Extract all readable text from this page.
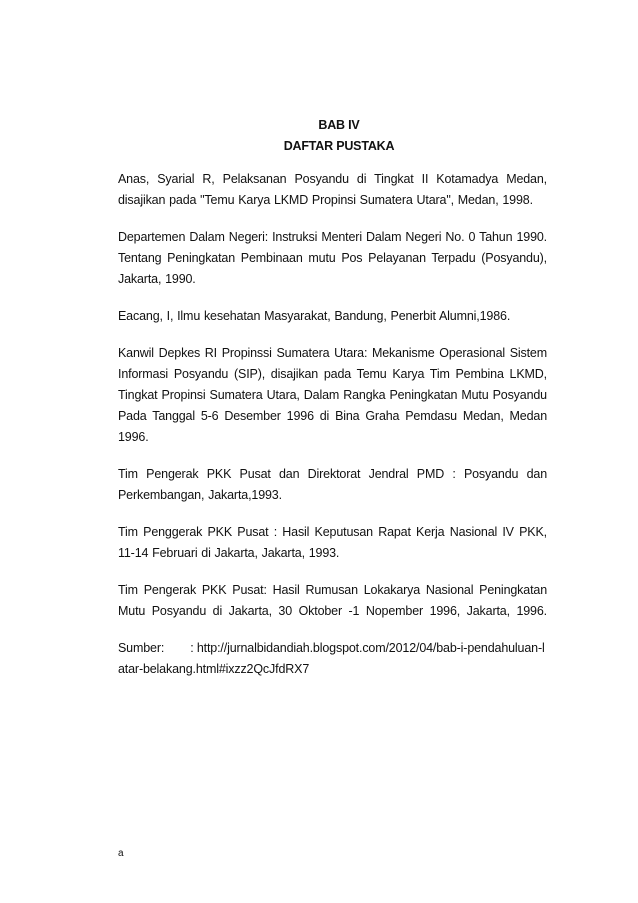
BAB IV

DAFTAR PUSTAKA

Anas, Syarial R, Pelaksanan Posyandu di Tingkat II Kotamadya Medan, disajikan pada "Temu Karya LKMD Propinsi Sumatera Utara", Medan, 1998.

Departemen Dalam Negeri: Instruksi Menteri Dalam Negeri No. 0 Tahun 1990. Tentang Peningkatan Pembinaan mutu Pos Pelayanan Terpadu (Posyandu), Jakarta, 1990.

Eacang, I, Ilmu kesehatan Masyarakat, Bandung, Penerbit Alumni,1986.

Kanwil Depkes RI Propinssi Sumatera Utara: Mekanisme Operasional Sistem Informasi Posyandu (SIP), disajikan pada Temu Karya Tim Pembina LKMD, Tingkat Propinsi Sumatera Utara, Dalam Rangka Peningkatan Mutu Posyandu Pada Tanggal 5-6 Desember 1996 di Bina Graha Pemdasu Medan, Medan 1996.

Tim Pengerak PKK Pusat dan Direktorat Jendral PMD : Posyandu dan Perkembangan, Jakarta,1993.

Tim Penggerak PKK Pusat : Hasil Keputusan Rapat Kerja Nasional IV PKK, 11-14 Februari di Jakarta, Jakarta, 1993.

Tim Pengerak PKK Pusat: Hasil Rumusan Lokakarya Nasional Peningkatan Mutu Posyandu di Jakarta, 30 Oktober -1 Nopember 1996, Jakarta, 1996.

Sumber: : http://jurnalbidandiah.blogspot.com/2012/04/bab-i-pendahuluan-latar-belakang.html#ixzz2QcJfdRX7

a
